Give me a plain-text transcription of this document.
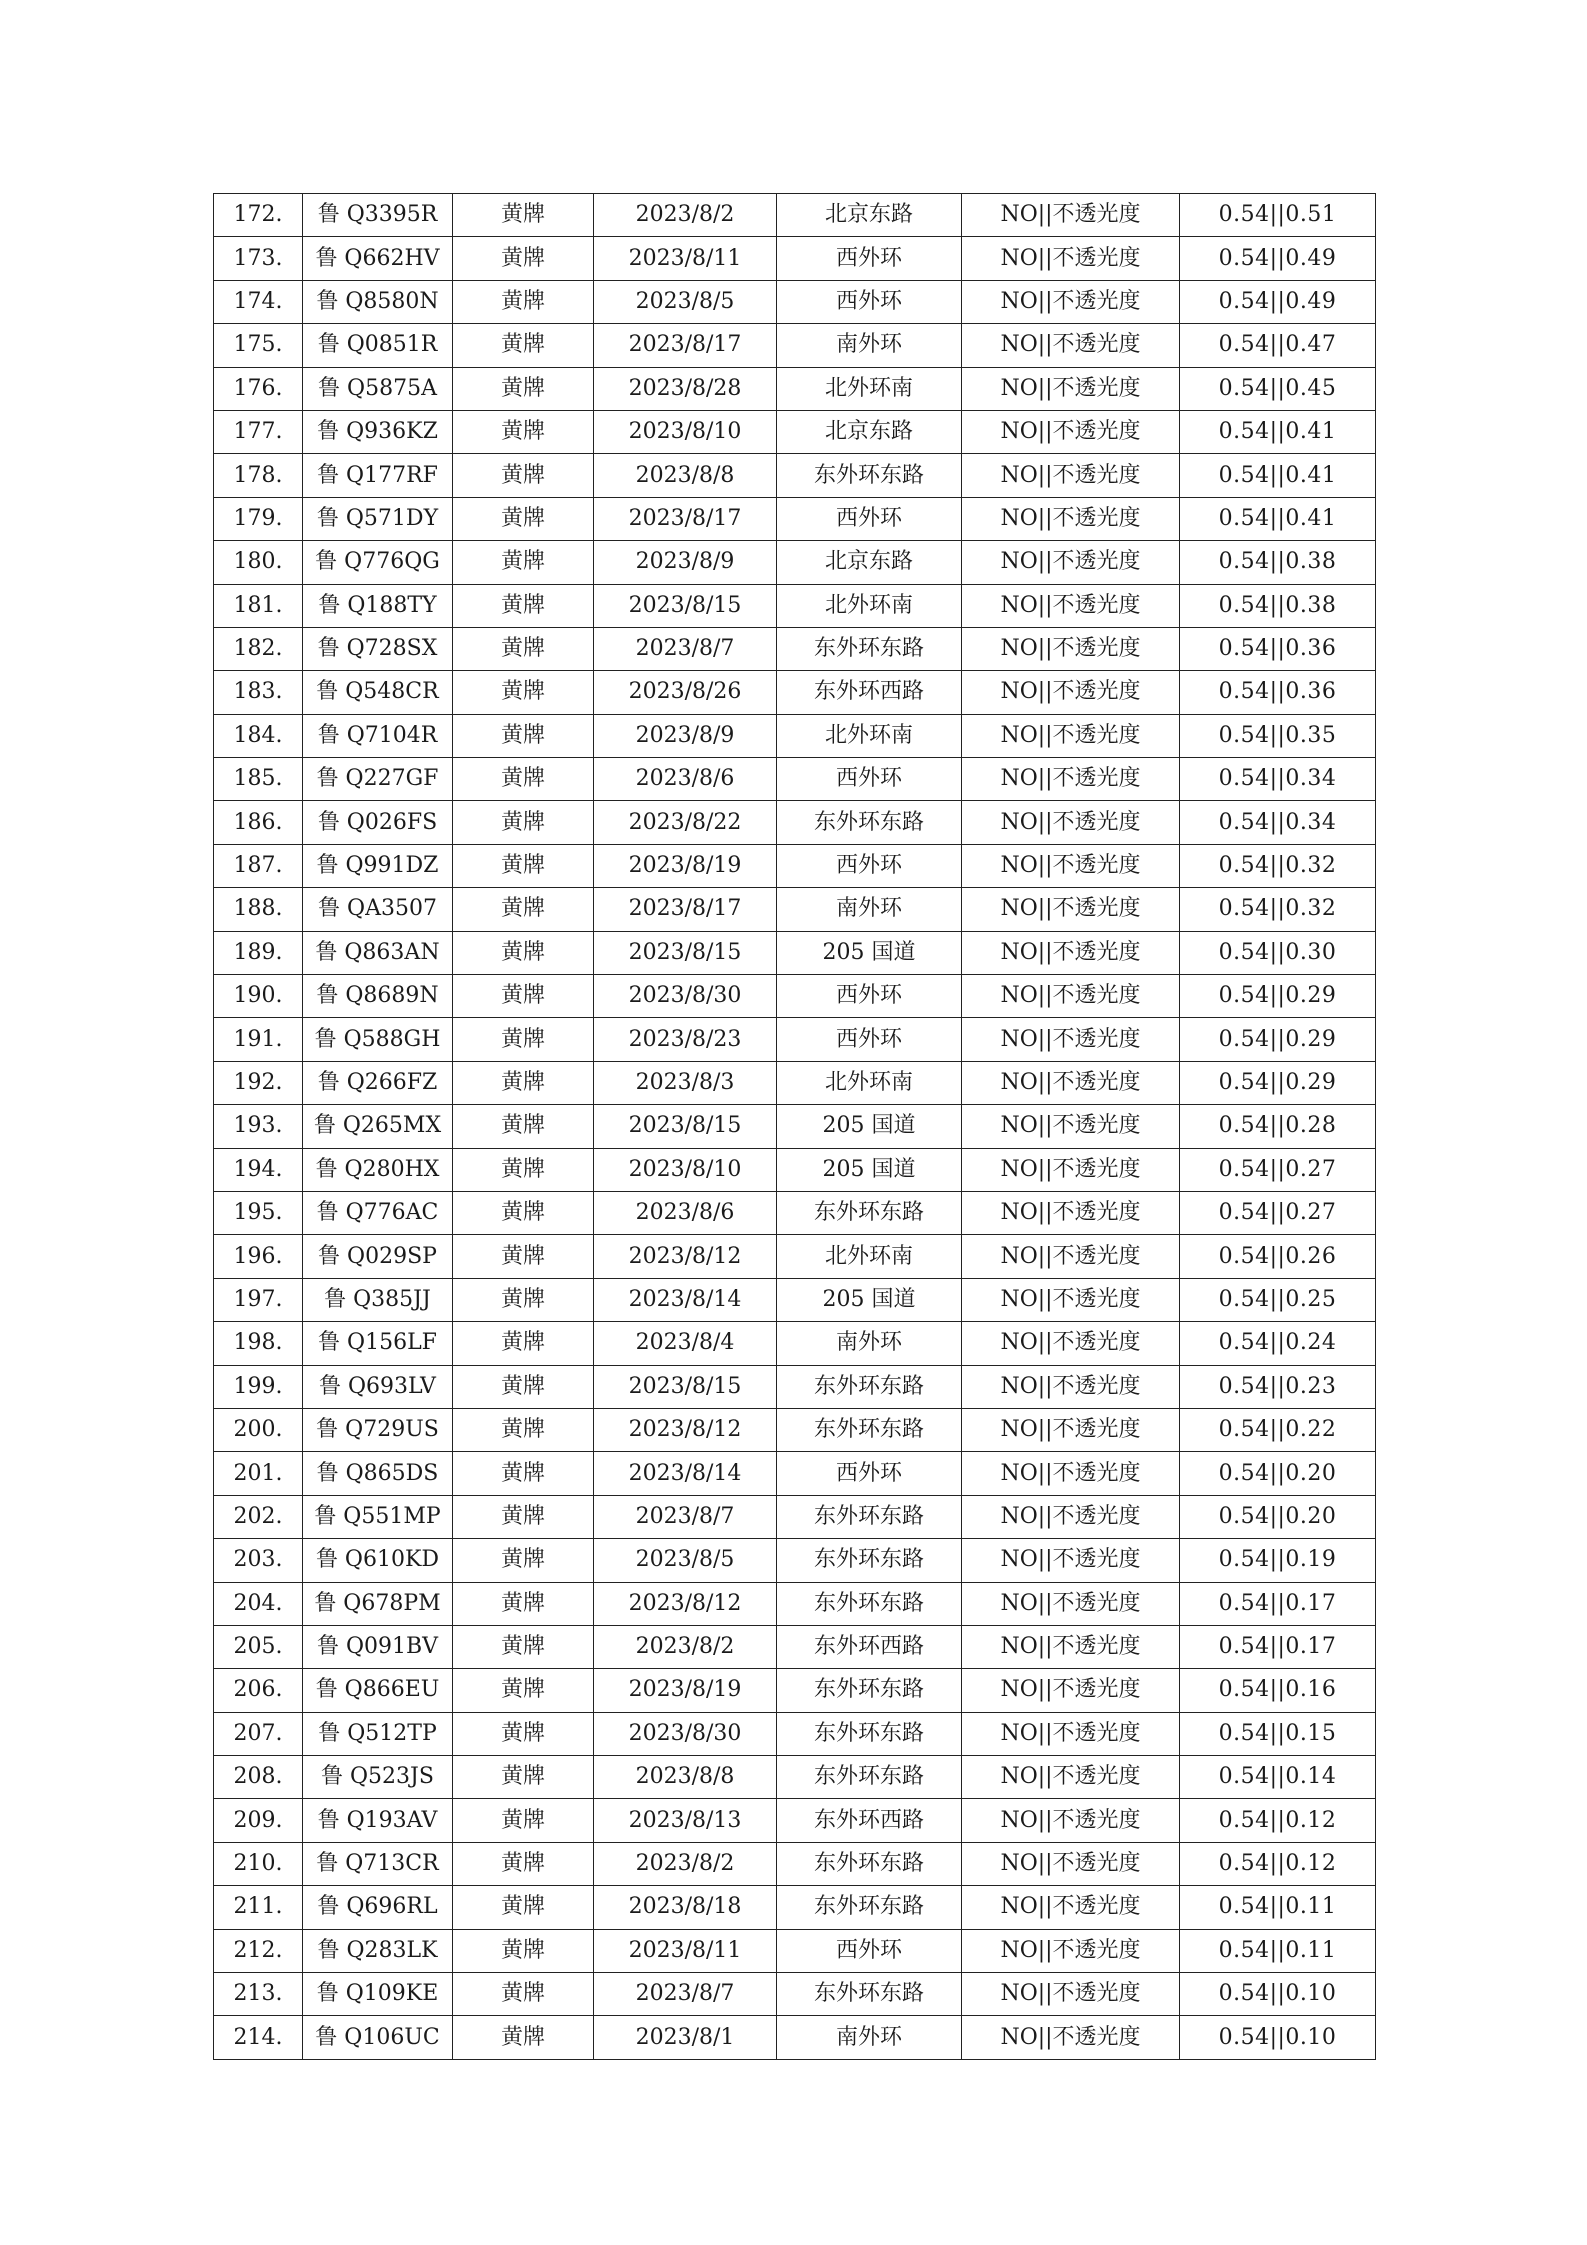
172.	鲁 Q3395R	黄牌	2023/8/2	北京东路	NO||不透光度	0.54||0.51
173.	鲁 Q662HV	黄牌	2023/8/11	西外环	NO||不透光度	0.54||0.49
174.	鲁 Q8580N	黄牌	2023/8/5	西外环	NO||不透光度	0.54||0.49
175.	鲁 Q0851R	黄牌	2023/8/17	南外环	NO||不透光度	0.54||0.47
176.	鲁 Q5875A	黄牌	2023/8/28	北外环南	NO||不透光度	0.54||0.45
177.	鲁 Q936KZ	黄牌	2023/8/10	北京东路	NO||不透光度	0.54||0.41
178.	鲁 Q177RF	黄牌	2023/8/8	东外环东路	NO||不透光度	0.54||0.41
179.	鲁 Q571DY	黄牌	2023/8/17	西外环	NO||不透光度	0.54||0.41
180.	鲁 Q776QG	黄牌	2023/8/9	北京东路	NO||不透光度	0.54||0.38
181.	鲁 Q188TY	黄牌	2023/8/15	北外环南	NO||不透光度	0.54||0.38
182.	鲁 Q728SX	黄牌	2023/8/7	东外环东路	NO||不透光度	0.54||0.36
183.	鲁 Q548CR	黄牌	2023/8/26	东外环西路	NO||不透光度	0.54||0.36
184.	鲁 Q7104R	黄牌	2023/8/9	北外环南	NO||不透光度	0.54||0.35
185.	鲁 Q227GF	黄牌	2023/8/6	西外环	NO||不透光度	0.54||0.34
186.	鲁 Q026FS	黄牌	2023/8/22	东外环东路	NO||不透光度	0.54||0.34
187.	鲁 Q991DZ	黄牌	2023/8/19	西外环	NO||不透光度	0.54||0.32
188.	鲁 QA3507	黄牌	2023/8/17	南外环	NO||不透光度	0.54||0.32
189.	鲁 Q863AN	黄牌	2023/8/15	205 国道	NO||不透光度	0.54||0.30
190.	鲁 Q8689N	黄牌	2023/8/30	西外环	NO||不透光度	0.54||0.29
191.	鲁 Q588GH	黄牌	2023/8/23	西外环	NO||不透光度	0.54||0.29
192.	鲁 Q266FZ	黄牌	2023/8/3	北外环南	NO||不透光度	0.54||0.29
193.	鲁 Q265MX	黄牌	2023/8/15	205 国道	NO||不透光度	0.54||0.28
194.	鲁 Q280HX	黄牌	2023/8/10	205 国道	NO||不透光度	0.54||0.27
195.	鲁 Q776AC	黄牌	2023/8/6	东外环东路	NO||不透光度	0.54||0.27
196.	鲁 Q029SP	黄牌	2023/8/12	北外环南	NO||不透光度	0.54||0.26
197.	鲁 Q385JJ	黄牌	2023/8/14	205 国道	NO||不透光度	0.54||0.25
198.	鲁 Q156LF	黄牌	2023/8/4	南外环	NO||不透光度	0.54||0.24
199.	鲁 Q693LV	黄牌	2023/8/15	东外环东路	NO||不透光度	0.54||0.23
200.	鲁 Q729US	黄牌	2023/8/12	东外环东路	NO||不透光度	0.54||0.22
201.	鲁 Q865DS	黄牌	2023/8/14	西外环	NO||不透光度	0.54||0.20
202.	鲁 Q551MP	黄牌	2023/8/7	东外环东路	NO||不透光度	0.54||0.20
203.	鲁 Q610KD	黄牌	2023/8/5	东外环东路	NO||不透光度	0.54||0.19
204.	鲁 Q678PM	黄牌	2023/8/12	东外环东路	NO||不透光度	0.54||0.17
205.	鲁 Q091BV	黄牌	2023/8/2	东外环西路	NO||不透光度	0.54||0.17
206.	鲁 Q866EU	黄牌	2023/8/19	东外环东路	NO||不透光度	0.54||0.16
207.	鲁 Q512TP	黄牌	2023/8/30	东外环东路	NO||不透光度	0.54||0.15
208.	鲁 Q523JS	黄牌	2023/8/8	东外环东路	NO||不透光度	0.54||0.14
209.	鲁 Q193AV	黄牌	2023/8/13	东外环西路	NO||不透光度	0.54||0.12
210.	鲁 Q713CR	黄牌	2023/8/2	东外环东路	NO||不透光度	0.54||0.12
211.	鲁 Q696RL	黄牌	2023/8/18	东外环东路	NO||不透光度	0.54||0.11
212.	鲁 Q283LK	黄牌	2023/8/11	西外环	NO||不透光度	0.54||0.11
213.	鲁 Q109KE	黄牌	2023/8/7	东外环东路	NO||不透光度	0.54||0.10
214.	鲁 Q106UC	黄牌	2023/8/1	南外环	NO||不透光度	0.54||0.10
